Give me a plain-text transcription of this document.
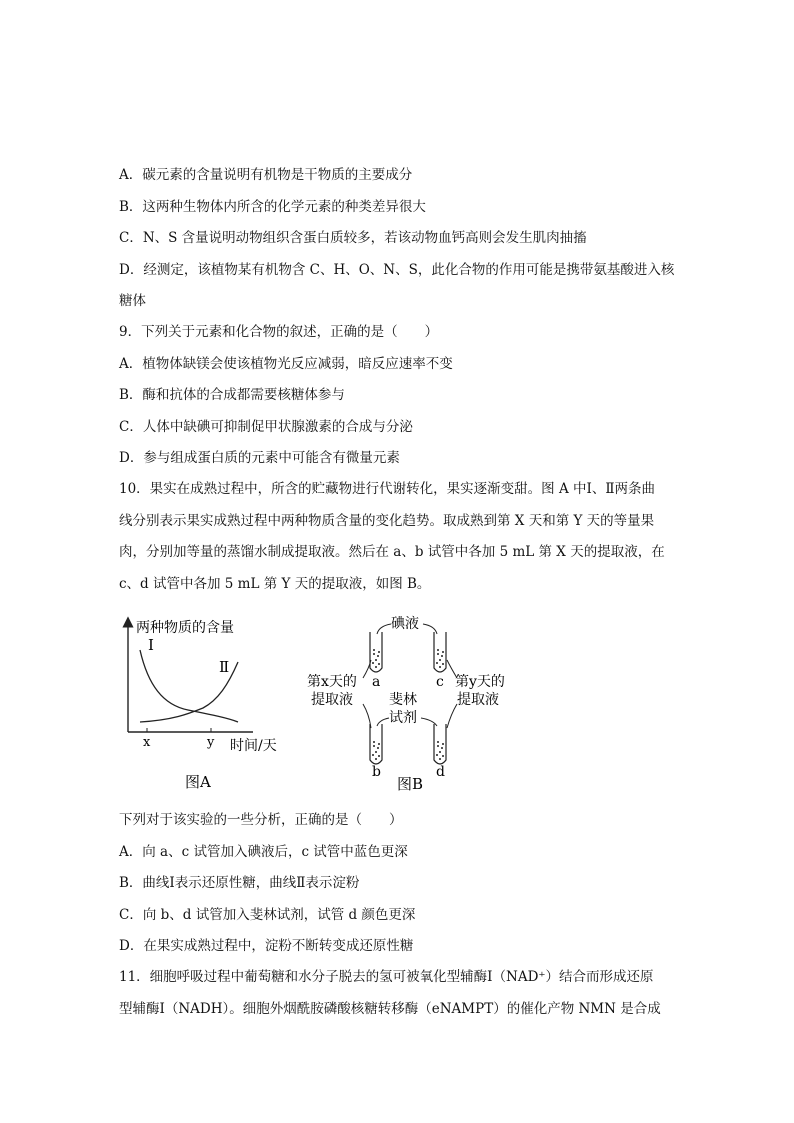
A．碳元素的含量说明有机物是干物质的主要成分
B．这两种生物体内所含的化学元素的种类差异很大
C．N、S 含量说明动物组织含蛋白质较多，若该动物血钙高则会发生肌肉抽搐
D．经测定，该植物某有机物含 C、H、O、N、S，此化合物的作用可能是携带氨基酸进入核
糖体
9．下列关于元素和化合物的叙述，正确的是（　　）
A．植物体缺镁会使该植物光反应减弱，暗反应速率不变
B．酶和抗体的合成都需要核糖体参与
C．人体中缺碘可抑制促甲状腺激素的合成与分泌
D．参与组成蛋白质的元素中可能含有微量元素
10．果实在成熟过程中，所含的贮藏物进行代谢转化，果实逐渐变甜。图 A 中Ⅰ、Ⅱ两条曲
线分别表示果实成熟过程中两种物质含量的变化趋势。取成熟到第 X 天和第 Y 天的等量果
肉，分别加等量的蒸馏水制成提取液。然后在 a、b 试管中各加 5 mL 第 X 天的提取液，在
c、d 试管中各加 5 mL 第 Y 天的提取液，如图 B。
两种物质的含量
Ⅰ
Ⅱ
x	y 时间/天
图A
碘液
a	c
斐林
试剂
b	d
第x天的
提取液
第y天的
提取液
图B
下列对于该实验的一些分析，正确的是（　　）
A．向 a、c 试管加入碘液后，c 试管中蓝色更深
B．曲线Ⅰ表示还原性糖，曲线Ⅱ表示淀粉
C．向 b、d 试管加入斐林试剂，试管 d 颜色更深
D．在果实成熟过程中，淀粉不断转变成还原性糖
11．细胞呼吸过程中葡萄糖和水分子脱去的氢可被氧化型辅酶Ⅰ（NAD⁺）结合而形成还原
型辅酶Ⅰ（NADH）。细胞外烟酰胺磷酸核糖转移酶（eNAMPT）的催化产物 NMN 是合成
